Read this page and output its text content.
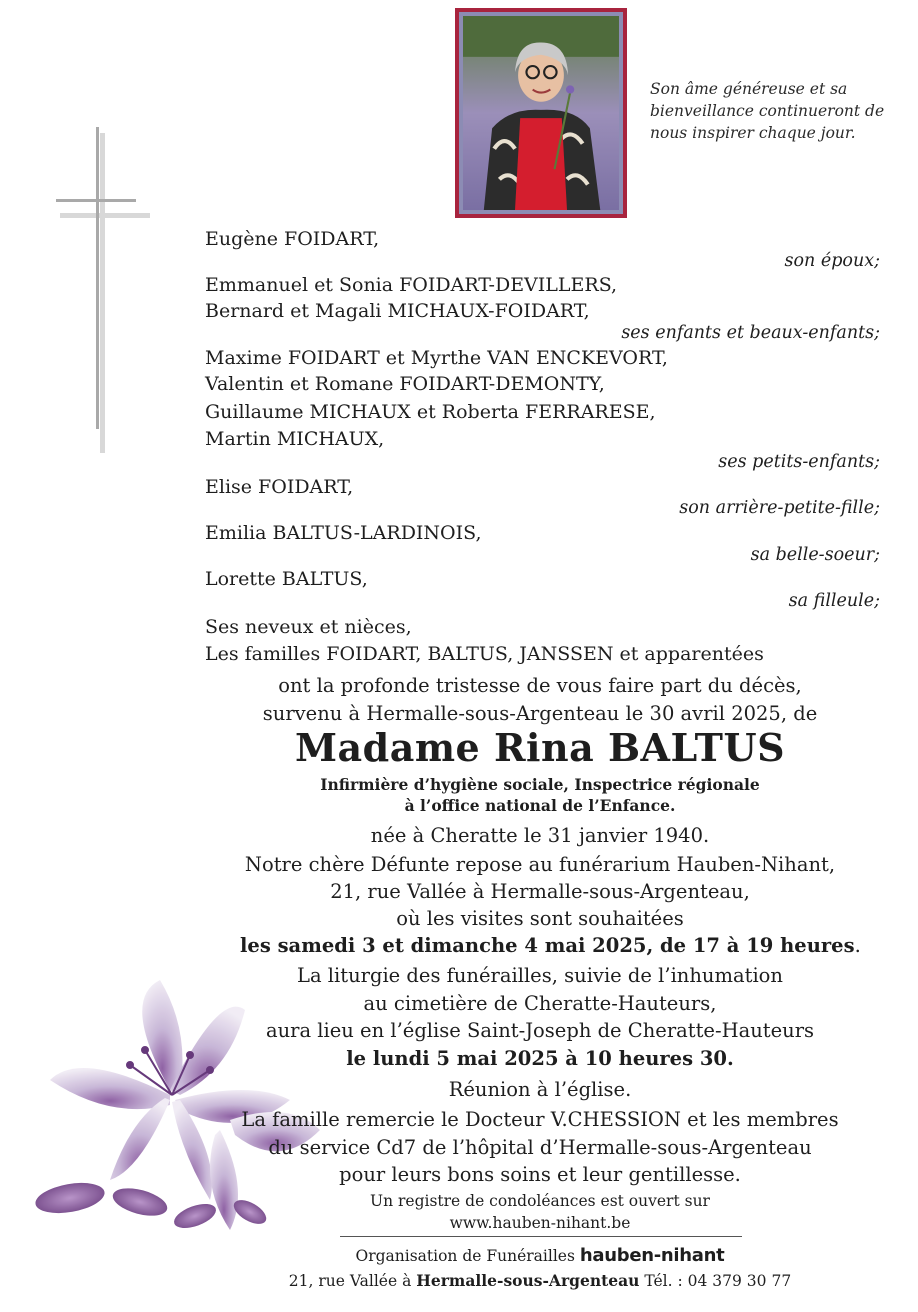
Son âme généreuse et sa
bienveillance continueront de
nous inspirer chaque jour.
Eugène FOIDART,
son époux;
Emmanuel et Sonia FOIDART-DEVILLERS,
Bernard et Magali MICHAUX-FOIDART,
ses enfants et beaux-enfants;
Maxime FOIDART et Myrthe VAN ENCKEVORT,
Valentin et Romane FOIDART-DEMONTY,
Guillaume MICHAUX et Roberta FERRARESE,
Martin MICHAUX,
ses petits-enfants;
Elise FOIDART,
son arrière-petite-fille;
Emilia BALTUS-LARDINOIS,
sa belle-soeur;
Lorette BALTUS,
sa filleule;
Ses neveux et nièces,
Les familles FOIDART, BALTUS, JANSSEN et apparentées
ont la profonde tristesse de vous faire part du décès,
survenu à Hermalle-sous-Argenteau le 30 avril 2025, de
Madame Rina BALTUS
Infirmière d’hygiène sociale, Inspectrice régionale
à l’office national de l’Enfance.
née à Cheratte le 31 janvier 1940.
Notre chère Défunte repose au funérarium Hauben-Nihant,
21, rue Vallée à Hermalle-sous-Argenteau,
où les visites sont souhaitées
les samedi 3 et dimanche 4 mai 2025, de 17 à 19 heures.
La liturgie des funérailles, suivie de l’inhumation
au cimetière de Cheratte-Hauteurs,
aura lieu en l’église Saint-Joseph de Cheratte-Hauteurs
le lundi 5 mai 2025 à 10 heures 30.
Réunion à l’église.
La famille remercie le Docteur V.CHESSION et les membres
du service Cd7 de l’hôpital d’Hermalle-sous-Argenteau
pour leurs bons soins et leur gentillesse.
Un registre de condoléances est ouvert sur
www.hauben-nihant.be
Organisation de Funérailles hauben-nihant
21, rue Vallée à Hermalle-sous-Argenteau Tél. : 04 379 30 77
